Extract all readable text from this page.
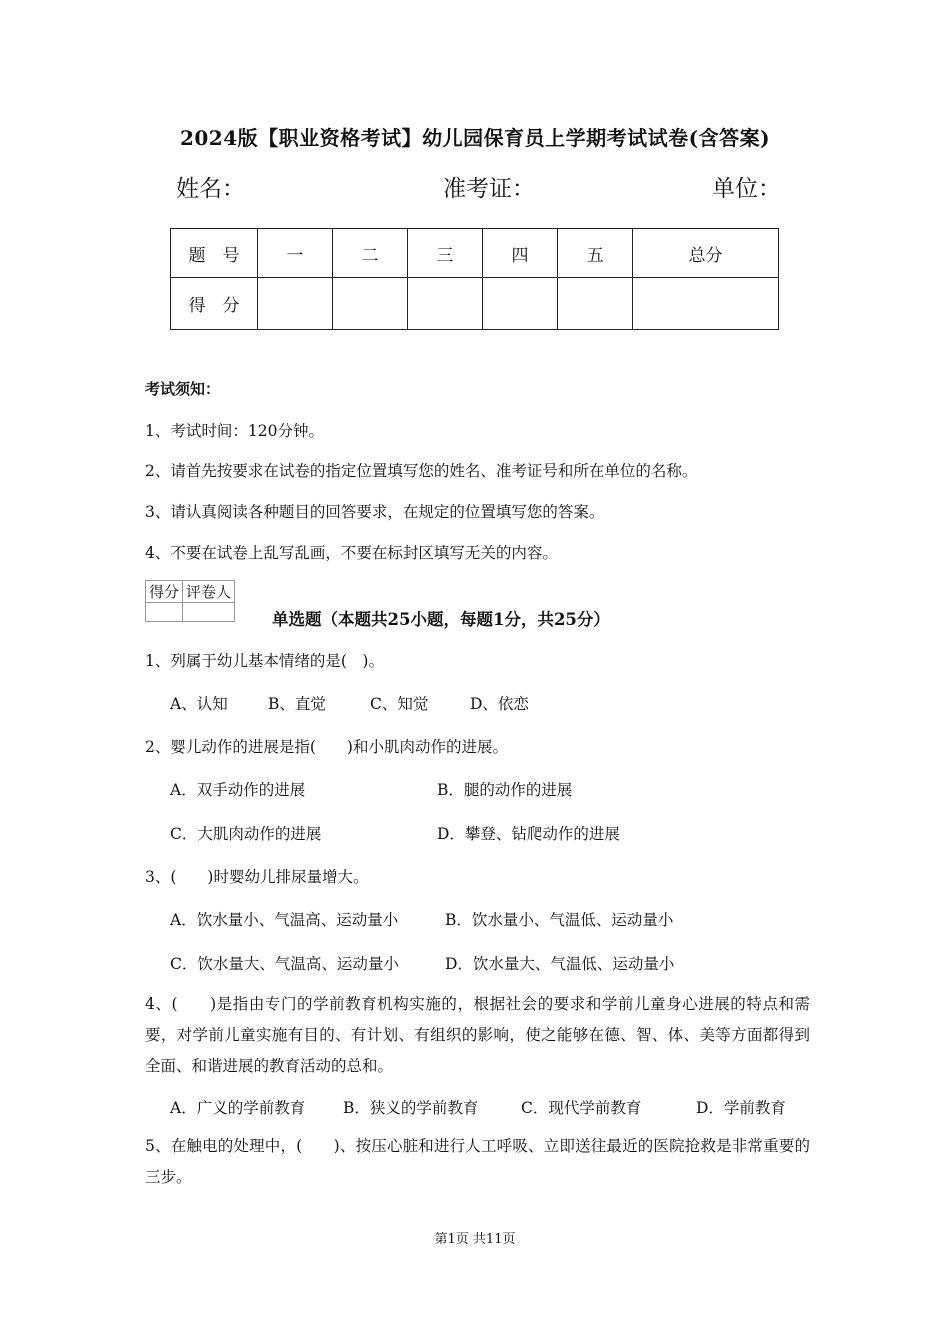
2024版【职业资格考试】幼儿园保育员上学期考试试卷(含答案)
姓名：	准考证：	单位：
题　号	一	二	三	四	五	总分
得　分						
考试须知：
1、考试时间：120分钟。
2、请首先按要求在试卷的指定位置填写您的姓名、准考证号和所在单位的名称。
3、请认真阅读各种题目的回答要求，在规定的位置填写您的答案。
4、不要在试卷上乱写乱画，不要在标封区填写无关的内容。
得分	评卷人

单选题（本题共25小题，每题1分，共25分）
1、列属于幼儿基本情绪的是(　)。
A、认知	B、直觉	C、知觉	D、依恋
2、婴儿动作的进展是指(　　)和小肌肉动作的进展。
A．双手动作的进展	B．腿的动作的进展
C．大肌肉动作的进展	D．攀登、钻爬动作的进展
3、(　　)时婴幼儿排尿量增大。
A．饮水量小、气温高、运动量小	B．饮水量小、气温低、运动量小
C．饮水量大、气温高、运动量小	D．饮水量大、气温低、运动量小
4、(　　)是指由专门的学前教育机构实施的，根据社会的要求和学前儿童身心进展的特点和需要，对学前儿童实施有目的、有计划、有组织的影响，使之能够在德、智、体、美等方面都得到全面、和谐进展的教育活动的总和。
A．广义的学前教育 B．狭义的学前教育	C．现代学前教育	D．学前教育
5、在触电的处理中，(　　)、按压心脏和进行人工呼吸、立即送往最近的医院抢救是非常重要的三步。
第1页 共11页
